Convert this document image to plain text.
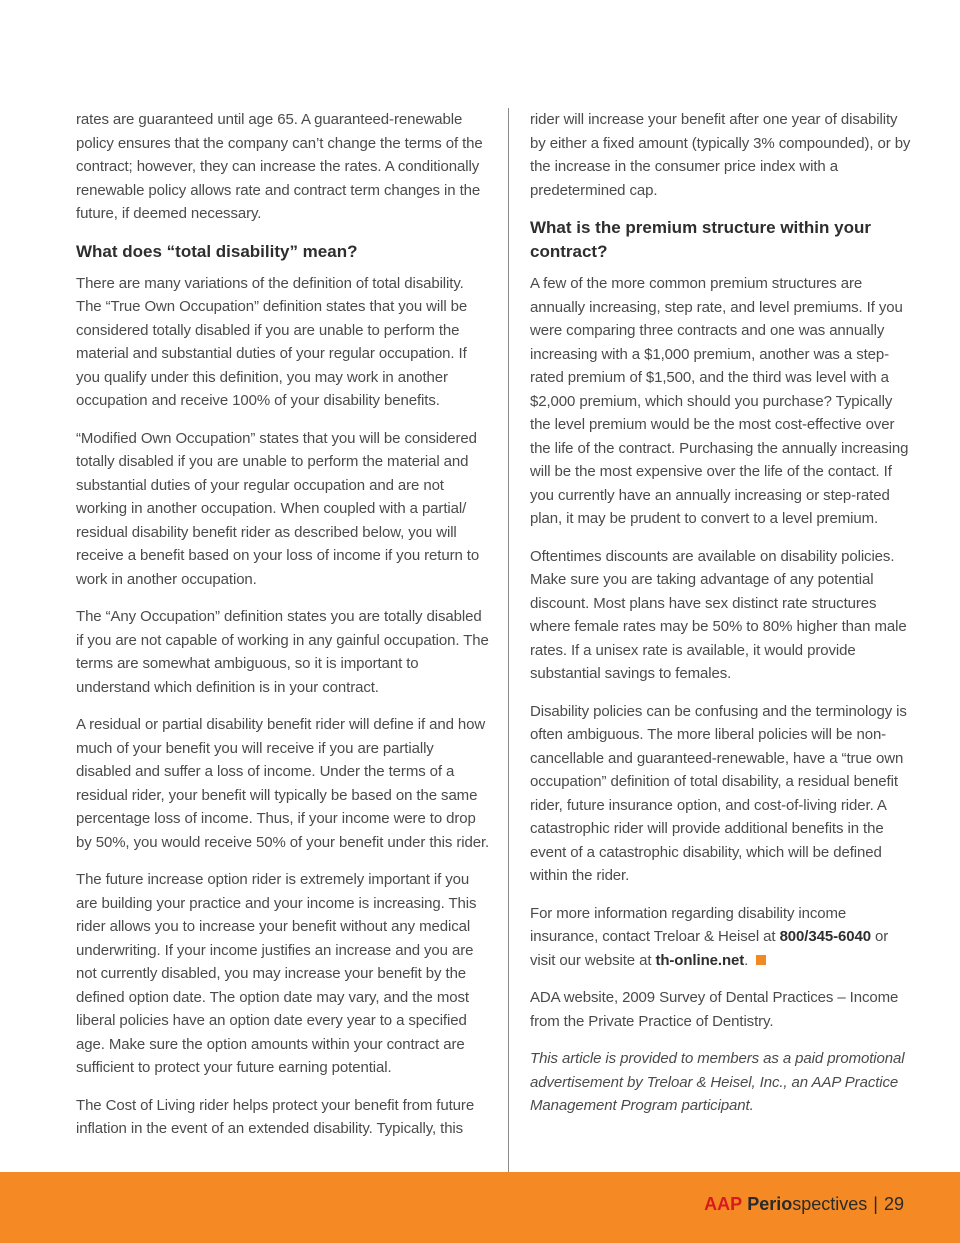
rates are guaranteed until age 65. A guaranteed-renewable policy ensures that the company can’t change the terms of the contract; however, they can increase the rates. A conditionally renewable policy allows rate and contract term changes in the future, if deemed necessary.

What does “total disability” mean?

There are many variations of the definition of total disability. The “True Own Occupation” definition states that you will be considered totally disabled if you are unable to perform the material and substantial duties of your regular occupation. If you qualify under this definition, you may work in another occupation and receive 100% of your disability benefits.

“Modified Own Occupation” states that you will be considered totally disabled if you are unable to perform the material and substantial duties of your regular occupation and are not working in another occupation. When coupled with a partial/ residual disability benefit rider as described below, you will receive a benefit based on your loss of income if you return to work in another occupation.

The “Any Occupation” definition states you are totally disabled if you are not capable of working in any gainful occupation. The terms are somewhat ambiguous, so it is important to understand which definition is in your contract.

A residual or partial disability benefit rider will define if and how much of your benefit you will receive if you are partially disabled and suffer a loss of income. Under the terms of a residual rider, your benefit will typically be based on the same percentage loss of income. Thus, if your income were to drop by 50%, you would receive 50% of your benefit under this rider.

The future increase option rider is extremely important if you are building your practice and your income is increasing. This rider allows you to increase your benefit without any medical underwriting. If your income justifies an increase and you are not currently disabled, you may increase your benefit by the defined option date. The option date may vary, and the most liberal policies have an option date every year to a specified age. Make sure the option amounts within your contract are sufficient to protect your future earning potential.

The Cost of Living rider helps protect your benefit from future inflation in the event of an extended disability. Typically, this

rider will increase your benefit after one year of disability by either a fixed amount (typically 3% compounded), or by the increase in the consumer price index with a predetermined cap.

What is the premium structure within your contract?

A few of the more common premium structures are annually increasing, step rate, and level premiums. If you were comparing three contracts and one was annually increasing with a $1,000 premium, another was a step-rated premium of $1,500, and the third was level with a $2,000 premium, which should you purchase? Typically the level premium would be the most cost-effective over the life of the contract. Purchasing the annually increasing will be the most expensive over the life of the contact. If you currently have an annually increasing or step-rated plan, it may be prudent to convert to a level premium.

Oftentimes discounts are available on disability policies. Make sure you are taking advantage of any potential discount. Most plans have sex distinct rate structures where female rates may be 50% to 80% higher than male rates. If a unisex rate is available, it would provide substantial savings to females.

Disability policies can be confusing and the terminology is often ambiguous. The more liberal policies will be non-cancellable and guaranteed-renewable, have a “true own occupation” definition of total disability, a residual benefit rider, future insurance option, and cost-of-living rider. A catastrophic rider will provide additional benefits in the event of a catastrophic disability, which will be defined within the rider.

For more information regarding disability income insurance, contact Treloar & Heisel at 800/345-6040 or visit our website at th-online.net.

ADA website, 2009 Survey of Dental Practices – Income from the Private Practice of Dentistry.

This article is provided to members as a paid promotional advertisement by Treloar & Heisel, Inc., an AAP Practice Management Program participant.

AAP Periospectives | 29
